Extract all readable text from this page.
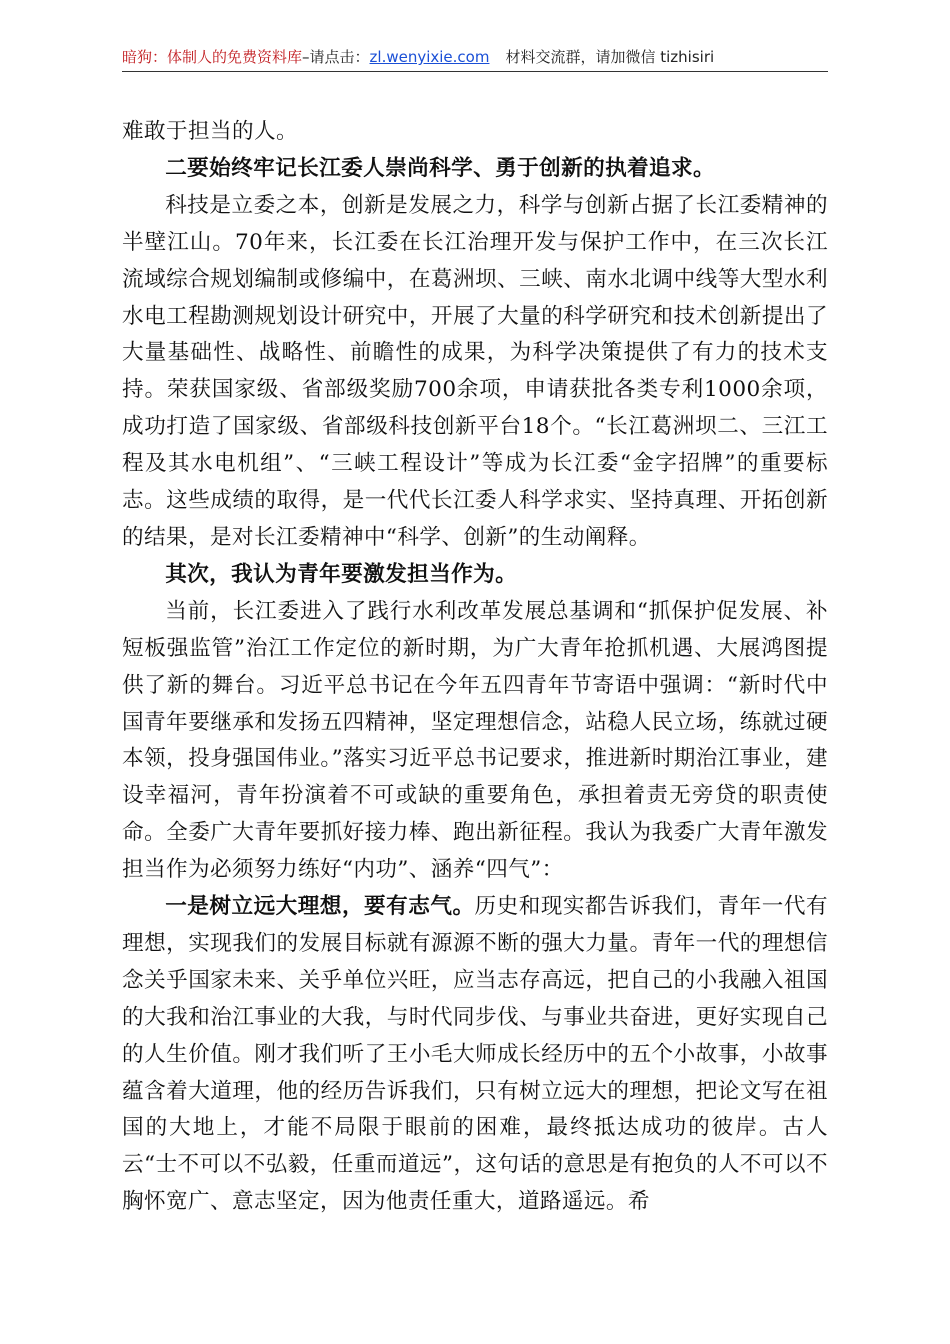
暗狗：体制人的免费资料库–请点击：zl.wenyixie.com 材料交流群，请加微信 tizhisiri

难敢于担当的人。

二要始终牢记长江委人崇尚科学、勇于创新的执着追求。

科技是立委之本，创新是发展之力，科学与创新占据了长江委精神的半壁江山。70年来，长江委在长江治理开发与保护工作中，在三次长江流域综合规划编制或修编中，在葛洲坝、三峡、南水北调中线等大型水利水电工程勘测规划设计研究中，开展了大量的科学研究和技术创新提出了大量基础性、战略性、前瞻性的成果，为科学决策提供了有力的技术支持。荣获国家级、省部级奖励700余项，申请获批各类专利1000余项，成功打造了国家级、省部级科技创新平台18个。“长江葛洲坝二、三江工程及其水电机组”、“三峡工程设计”等成为长江委“金字招牌”的重要标志。这些成绩的取得，是一代代长江委人科学求实、坚持真理、开拓创新的结果，是对长江委精神中“科学、创新”的生动阐释。

其次，我认为青年要激发担当作为。

当前，长江委进入了践行水利改革发展总基调和“抓保护促发展、补短板强监管”治江工作定位的新时期，为广大青年抢抓机遇、大展鸿图提供了新的舞台。习近平总书记在今年五四青年节寄语中强调：“新时代中国青年要继承和发扬五四精神，坚定理想信念，站稳人民立场，练就过硬本领，投身强国伟业。”落实习近平总书记要求，推进新时期治江事业，建设幸福河，青年扮演着不可或缺的重要角色，承担着责无旁贷的职责使命。全委广大青年要抓好接力棒、跑出新征程。我认为我委广大青年激发担当作为必须努力练好“内功”、涵养“四气”：

一是树立远大理想，要有志气。历史和现实都告诉我们，青年一代有理想，实现我们的发展目标就有源源不断的强大力量。青年一代的理想信念关乎国家未来、关乎单位兴旺，应当志存高远，把自己的小我融入祖国的大我和治江事业的大我，与时代同步伐、与事业共奋进，更好实现自己的人生价值。刚才我们听了王小毛大师成长经历中的五个小故事，小故事蕴含着大道理，他的经历告诉我们，只有树立远大的理想，把论文写在祖国的大地上，才能不局限于眼前的困难，最终抵达成功的彼岸。古人云“士不可以不弘毅，任重而道远”，这句话的意思是有抱负的人不可以不胸怀宽广、意志坚定，因为他责任重大，道路遥远。希
